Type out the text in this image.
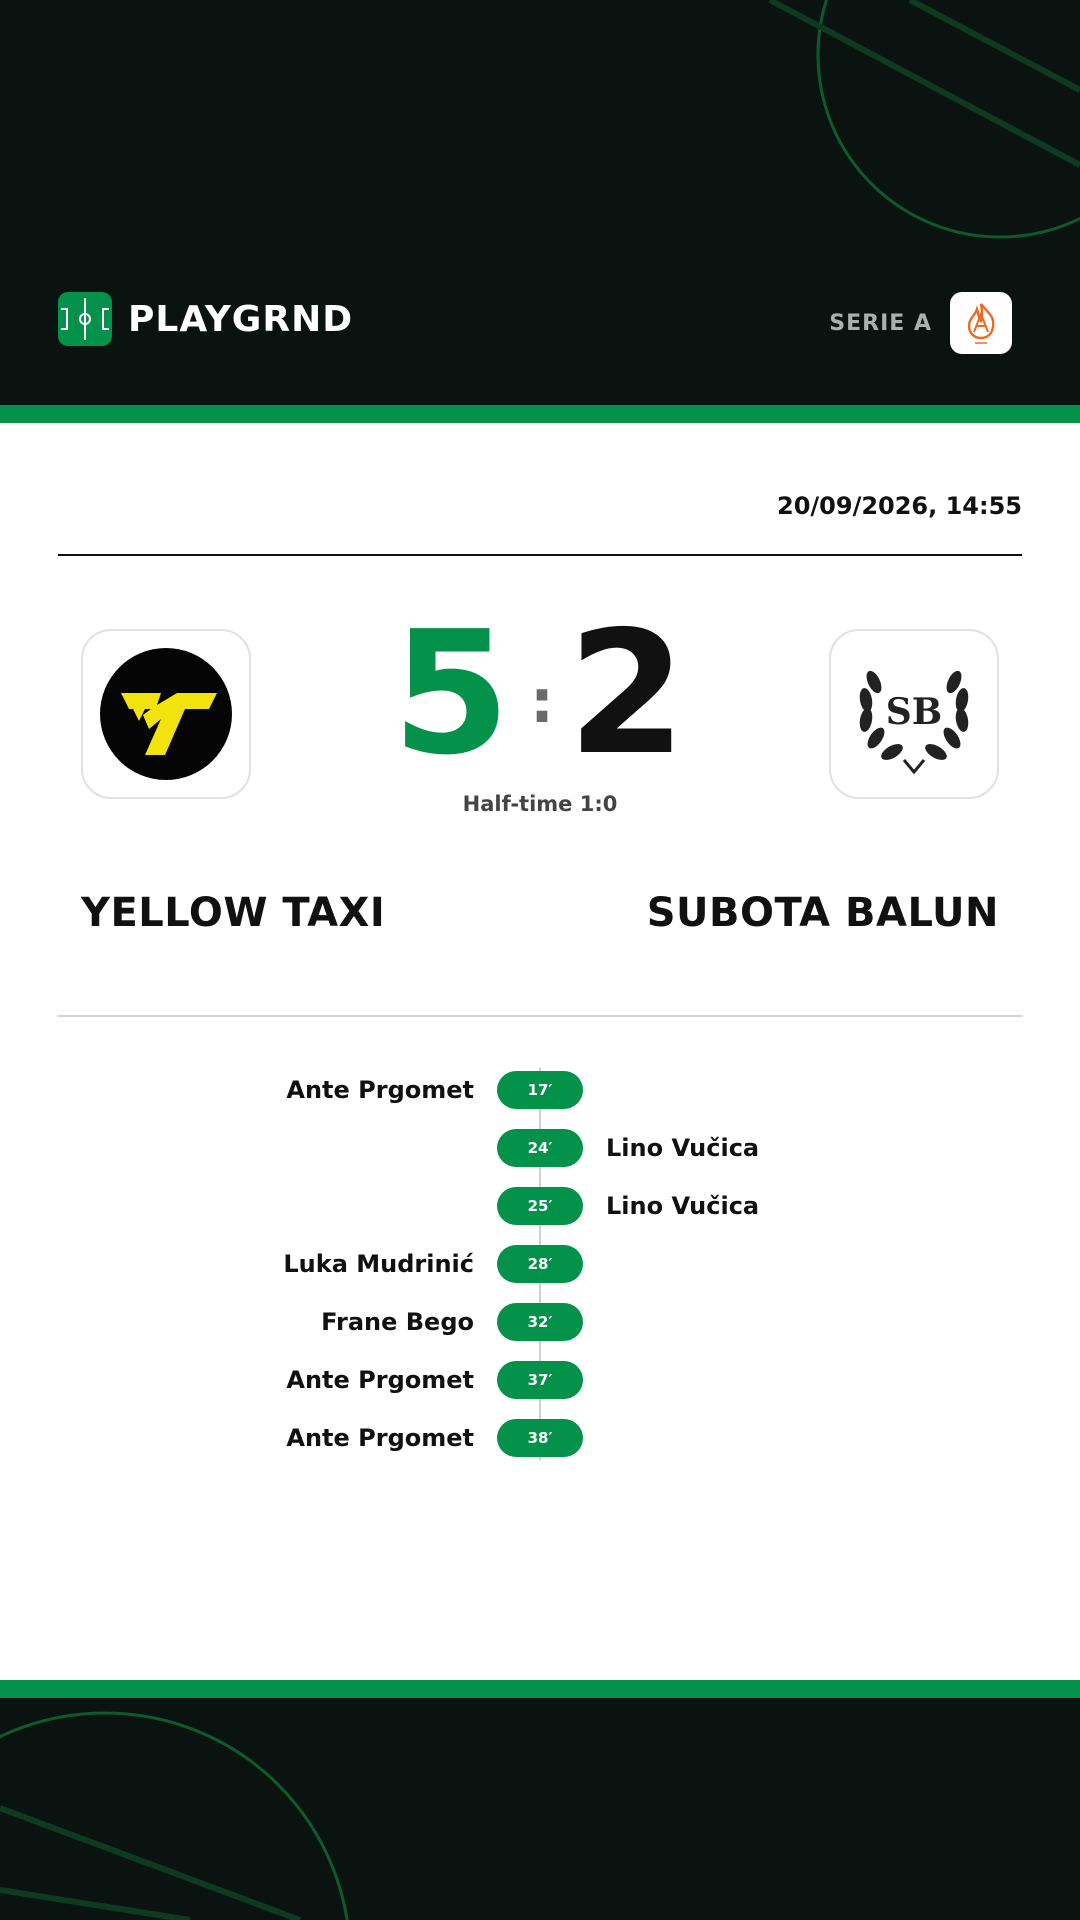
PLAYGRND	SERIE A
20/09/2026, 14:55
5 : 2
Half-time 1:0
SB
YELLOW TAXI	SUBOTA BALUN
Ante Prgomet	17′
24′	Lino Vučica
25′	Lino Vučica
Luka Mudrinić	28′
Frane Bego	32′
Ante Prgomet	37′
Ante Prgomet	38′
